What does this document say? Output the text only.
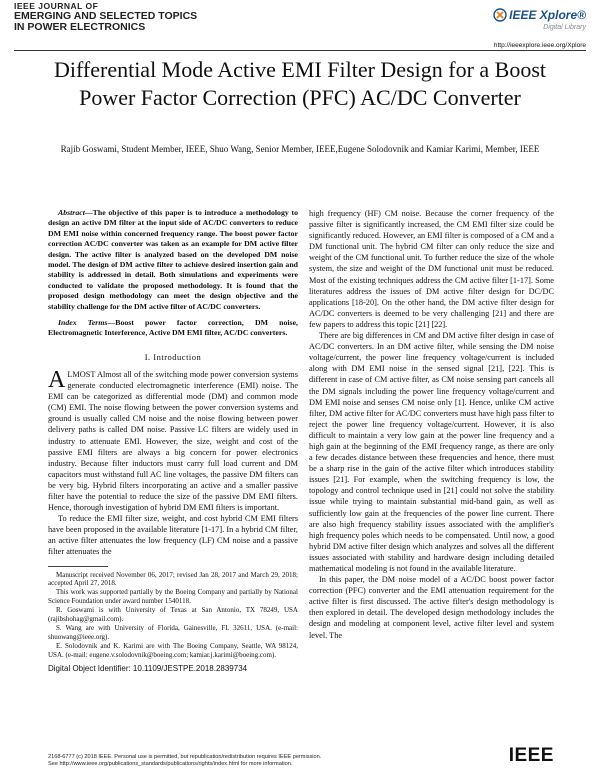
IEEE JOURNAL OF
EMERGING AND SELECTED TOPICS
IN POWER ELECTRONICS
IEEE Xplore®
Digital Library
http://ieeexplore.ieee.org/Xplore
Differential Mode Active EMI Filter Design for a Boost Power Factor Correction (PFC) AC/DC Converter
Rajib Goswami, Student Member, IEEE, Shuo Wang, Senior Member, IEEE,Eugene Solodovnik and Kamiar Karimi, Member, IEEE

Abstract—The objective of this paper is to introduce a methodology to design an active DM filter at the input side of AC/DC converters to reduce DM EMI noise within concerned frequency range. The boost power factor correction AC/DC converter was taken as an example for DM active filter design. The active filter is analyzed based on the developed DM noise model. The design of DM active filter to achieve desired insertion gain and stability is addressed in detail. Both simulations and experiments were conducted to validate the proposed methodology. It is found that the proposed design methodology can meet the design objective and the stability challenge for the DM active filter of AC/DC converters.

Index Terms—Boost power factor correction, DM noise, Electromagnetic Interference, Active DM EMI filter, AC/DC converters.

I. Introduction

ALMOST Almost all of the switching mode power conversion systems generate conducted electromagnetic interference (EMI) noise. The EMI can be categorized as differential mode (DM) and common mode (CM) EMI. The noise flowing between the power conversion systems and ground is usually called CM noise and the noise flowing between power delivery paths is called DM noise. Passive LC filters are widely used in industry to attenuate EMI. However, the size, weight and cost of the passive EMI filters are always a big concern for power electronics industry. Because filter inductors must carry full load current and DM capacitors must withstand full AC line voltages, the passive DM filters can be very big. Hybrid filters incorporating an active and a smaller passive filter have the potential to reduce the size of the passive DM EMI filters. Hence, thorough investigation of hybrid DM EMI filters is important.

To reduce the EMI filter size, weight, and cost hybrid CM EMI filters have been proposed in the available literature [1-17]. In a hybrid CM filter, an active filter attenuates the low frequency (LF) CM noise and a passive filter attenuates the

Manuscript received November 06, 2017; revised Jan 28, 2017 and March 29, 2018; accepted April 27, 2018.

This work was supported partially by the Boeing Company and partially by National Science Foundation under award number 1540118.

R. Goswami is with University of Texas at San Antonio, TX 78249, USA (rajibshohag@gmail.com).

S. Wang are with University of Florida, Gainesville, FL 32611, USA. (e-mail: shuowang@ieee.org).

E. Solodovnik and K. Karimi are with The Boeing Company, Seattle, WA 98124, USA. (e-mail: eugene.v.solodovnik@boeing.com; kamiar.j.karimi@boeing.com).

Digital Object Identifier: 10.1109/JESTPE.2018.2839734

high frequency (HF) CM noise. Because the corner frequency of the passive filter is significantly increased, the CM EMI filter size could be significantly reduced. However, an EMI filter is composed of a CM and a DM functional unit. The hybrid CM filter can only reduce the size and weight of the CM functional unit. To further reduce the size of the whole system, the size and weight of the DM functional unit must be reduced. Most of the existing techniques address the CM active filter [1-17]. Some literatures address the issues of DM active filter design for DC/DC applications [18-20]. On the other hand, the DM active filter design for AC/DC converters is deemed to be very challenging [21] and there are few papers to address this topic [21] [22].

There are big differences in CM and DM active filter design in case of AC/DC converters. In an DM active filter, while sensing the DM noise voltage/current, the power line frequency voltage/current is included along with DM EMI noise in the sensed signal [21], [22]. This is different in case of CM active filter, as CM noise sensing part cancels all the DM signals including the power line frequency voltage/current and DM EMI noise and senses CM noise only [1]. Hence, unlike CM active filter, DM active filter for AC/DC converters must have high pass filter to reject the power line frequency voltage/current. However, it is also difficult to maintain a very low gain at the power line frequency and a high gain at the beginning of the EMI frequency range, as there are only a few decades distance between these frequencies and hence, there must be a sharp rise in the gain of the active filter which introduces stability issues [21]. For example, when the switching frequency is low, the topology and control technique used in [21] could not solve the stability issue while trying to maintain substantial mid-band gain, as well as sufficiently low gain at the frequencies of the power line current. There are also high frequency stability issues associated with the amplifier's high frequency poles which needs to be compensated. Until now, a good hybrid DM active filter design which analyzes and solves all the different issues associated with stability and hardware design including detailed mathematical modeling is not found in the available literature.

In this paper, the DM noise model of a AC/DC boost power factor correction (PFC) converter and the EMI attenuation requirement for the active filter is first discussed. The active filter's design methodology is then explored in detail. The developed design methodology includes the design and modeling at component level, active filter level and system level. The

2168-6777 (c) 2018 IEEE. Personal use is permitted, but republication/redistribution requires IEEE permission.
See http://www.ieee.org/publications_standards/publications/rights/index.html for more information.	IEEE
